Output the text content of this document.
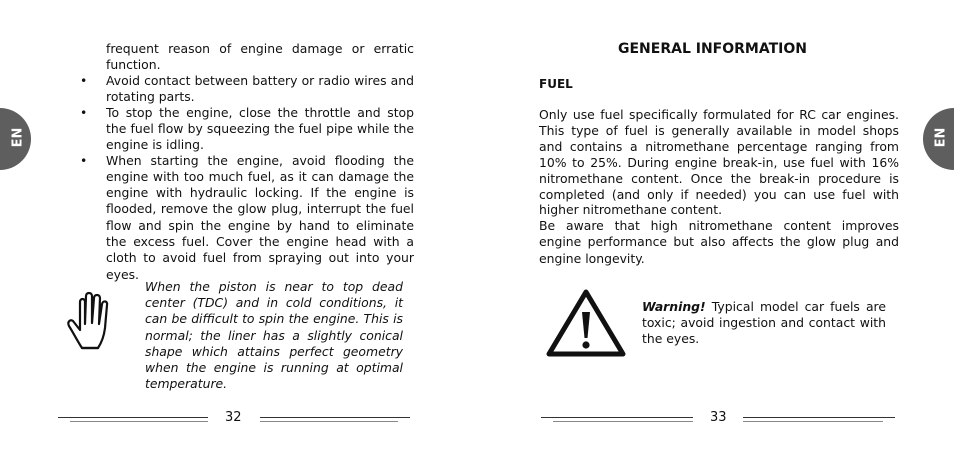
EN

frequent reason of engine damage or erratic function.

• Avoid contact between battery or radio wires and rotating parts.

• To stop the engine, close the throttle and stop the fuel flow by squeezing the fuel pipe while the engine is idling.

• When starting the engine, avoid flooding the engine with too much fuel, as it can damage the engine with hydraulic locking. If the engine is flooded, remove the glow plug, interrupt the fuel flow and spin the engine by hand to eliminate the excess fuel. Cover the engine head with a cloth to avoid fuel from spraying out into your eyes.

When the piston is near to top dead center (TDC) and in cold conditions, it can be difficult to spin the engine. This is normal; the liner has a slightly conical shape which attains perfect geometry when the engine is running at optimal temperature.

32
GENERAL INFORMATION
FUEL

Only use fuel specifically formulated for RC car engines. This type of fuel is generally available in model shops and contains a nitromethane percentage ranging from 10% to 25%. During engine break-in, use fuel with 16% nitromethane content. Once the break-in procedure is completed (and only if needed) you can use fuel with higher nitromethane content.

Be aware that high nitromethane content improves engine performance but also affects the glow plug and engine longevity.

Warning! Typical model car fuels are toxic; avoid ingestion and contact with the eyes.
33
EN
